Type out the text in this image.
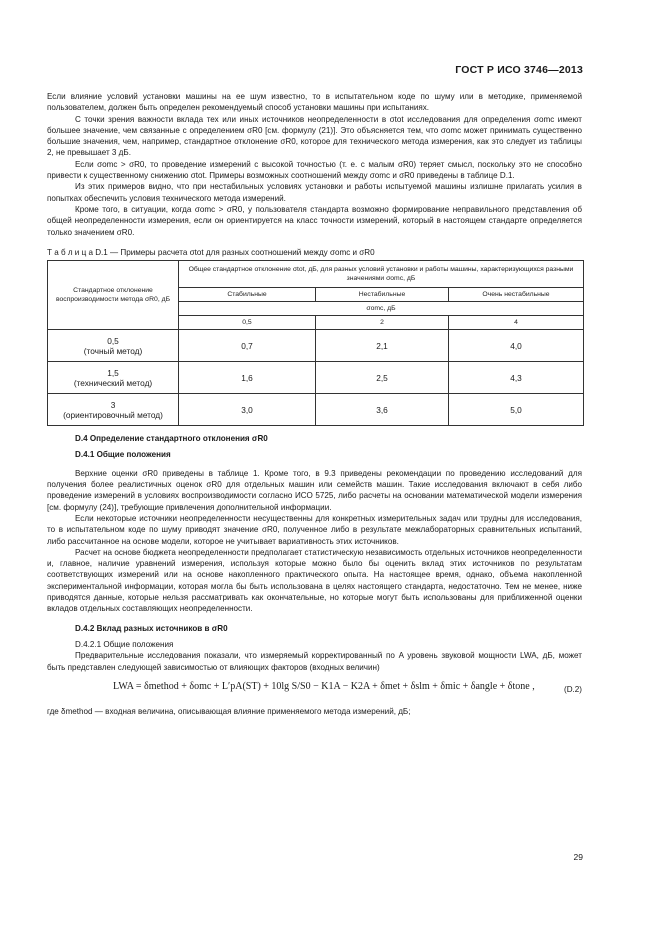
ГОСТ Р ИСО 3746—2013

Если влияние условий установки машины на ее шум известно, то в испытательном коде по шуму или в методике, применяемой пользователем, должен быть определен рекомендуемый способ установки машины при испытаниях.

С точки зрения важности вклада тех или иных источников неопределенности в σtot исследования для определения σomc имеют большее значение, чем связанные с определением σR0 [см. формулу (21)]. Это объясняется тем, что σomc может принимать существенно большие значения, чем, например, стандартное отклонение σR0, которое для технического метода измерения, как это следует из таблицы 2, не превышает 3 дБ.

Если σomc > σR0, то проведение измерений с высокой точностью (т. е. с малым σR0) теряет смысл, поскольку это не способно привести к существенному снижению σtot. Примеры возможных соотношений между σomc и σR0 приведены в таблице D.1.

Из этих примеров видно, что при нестабильных условиях установки и работы испытуемой машины излишне прилагать усилия в попытках обеспечить условия технического метода измерений.

Кроме того, в ситуации, когда σomc > σR0, у пользователя стандарта возможно формирование неправильного представления об общей неопределенности измерения, если он ориентируется на класс точности измерений, который в настоящем стандарте определяется только значением σR0.

Т а б л и ц а D.1 — Примеры расчета σtot для разных соотношений между σomc и σR0

Стандартное отклонение воспроизводимости метода σR0, дБ	Общее стандартное отклонение σtot, дБ, для разных условий установки и работы машины, характеризующихся разными значениями σomc, дБ		
	Стабильные	Нестабильные	Очень нестабильные
	σomc, дБ		
	0,5	2	4
0,5
(точный метод)	0,7	2,1	4,0
1,5
(технический метод)	1,6	2,5	4,3
3
(ориентировочный метод)	3,0	3,6	5,0

D.4 Определение стандартного отклонения σR0

D.4.1 Общие положения

Верхние оценки σR0 приведены в таблице 1. Кроме того, в 9.3 приведены рекомендации по проведению исследований для получения более реалистичных оценок σR0 для отдельных машин или семейств машин. Такие исследования включают в себя либо проведение измерений в условиях воспроизводимости согласно ИСО 5725, либо расчеты на основании математической модели измерения [см. формулу (24)], требующие привлечения дополнительной информации.

Если некоторые источники неопределенности несущественны для конкретных измерительных задач или трудны для исследования, то в испытательном коде по шуму приводят значение σR0, полученное либо в результате межлабораторных сравнительных испытаний, либо рассчитанное на основе модели, которое не учитывает вариативность этих источников.

Расчет на основе бюджета неопределенности предполагает статистическую независимость отдельных источников неопределенности и, главное, наличие уравнений измерения, используя которые можно было бы оценить вклад этих источников по результатам соответствующих измерений или на основе накопленного практического опыта. На настоящее время, однако, объема накопленной экспериментальной информации, которая могла бы быть использована в целях настоящего стандарта, недостаточно. Тем не менее, ниже приводятся данные, которые нельзя рассматривать как окончательные, но которые могут быть использованы для приближенной оценки вкладов отдельных составляющих неопределенности.

D.4.2 Вклад разных источников в σR0

D.4.2.1 Общие положения

Предварительные исследования показали, что измеряемый корректированный по A уровень звуковой мощности LWA, дБ, может быть представлен следующей зависимостью от влияющих факторов (входных величин)

LWA = δmethod + δomc + L′pA(ST) + 10lg S/S0 − K1A − K2A + δmet + δslm + δmic + δangle + δtone ,	(D.2)

где δmethod — входная величина, описывающая влияние применяемого метода измерений, дБ;

29
